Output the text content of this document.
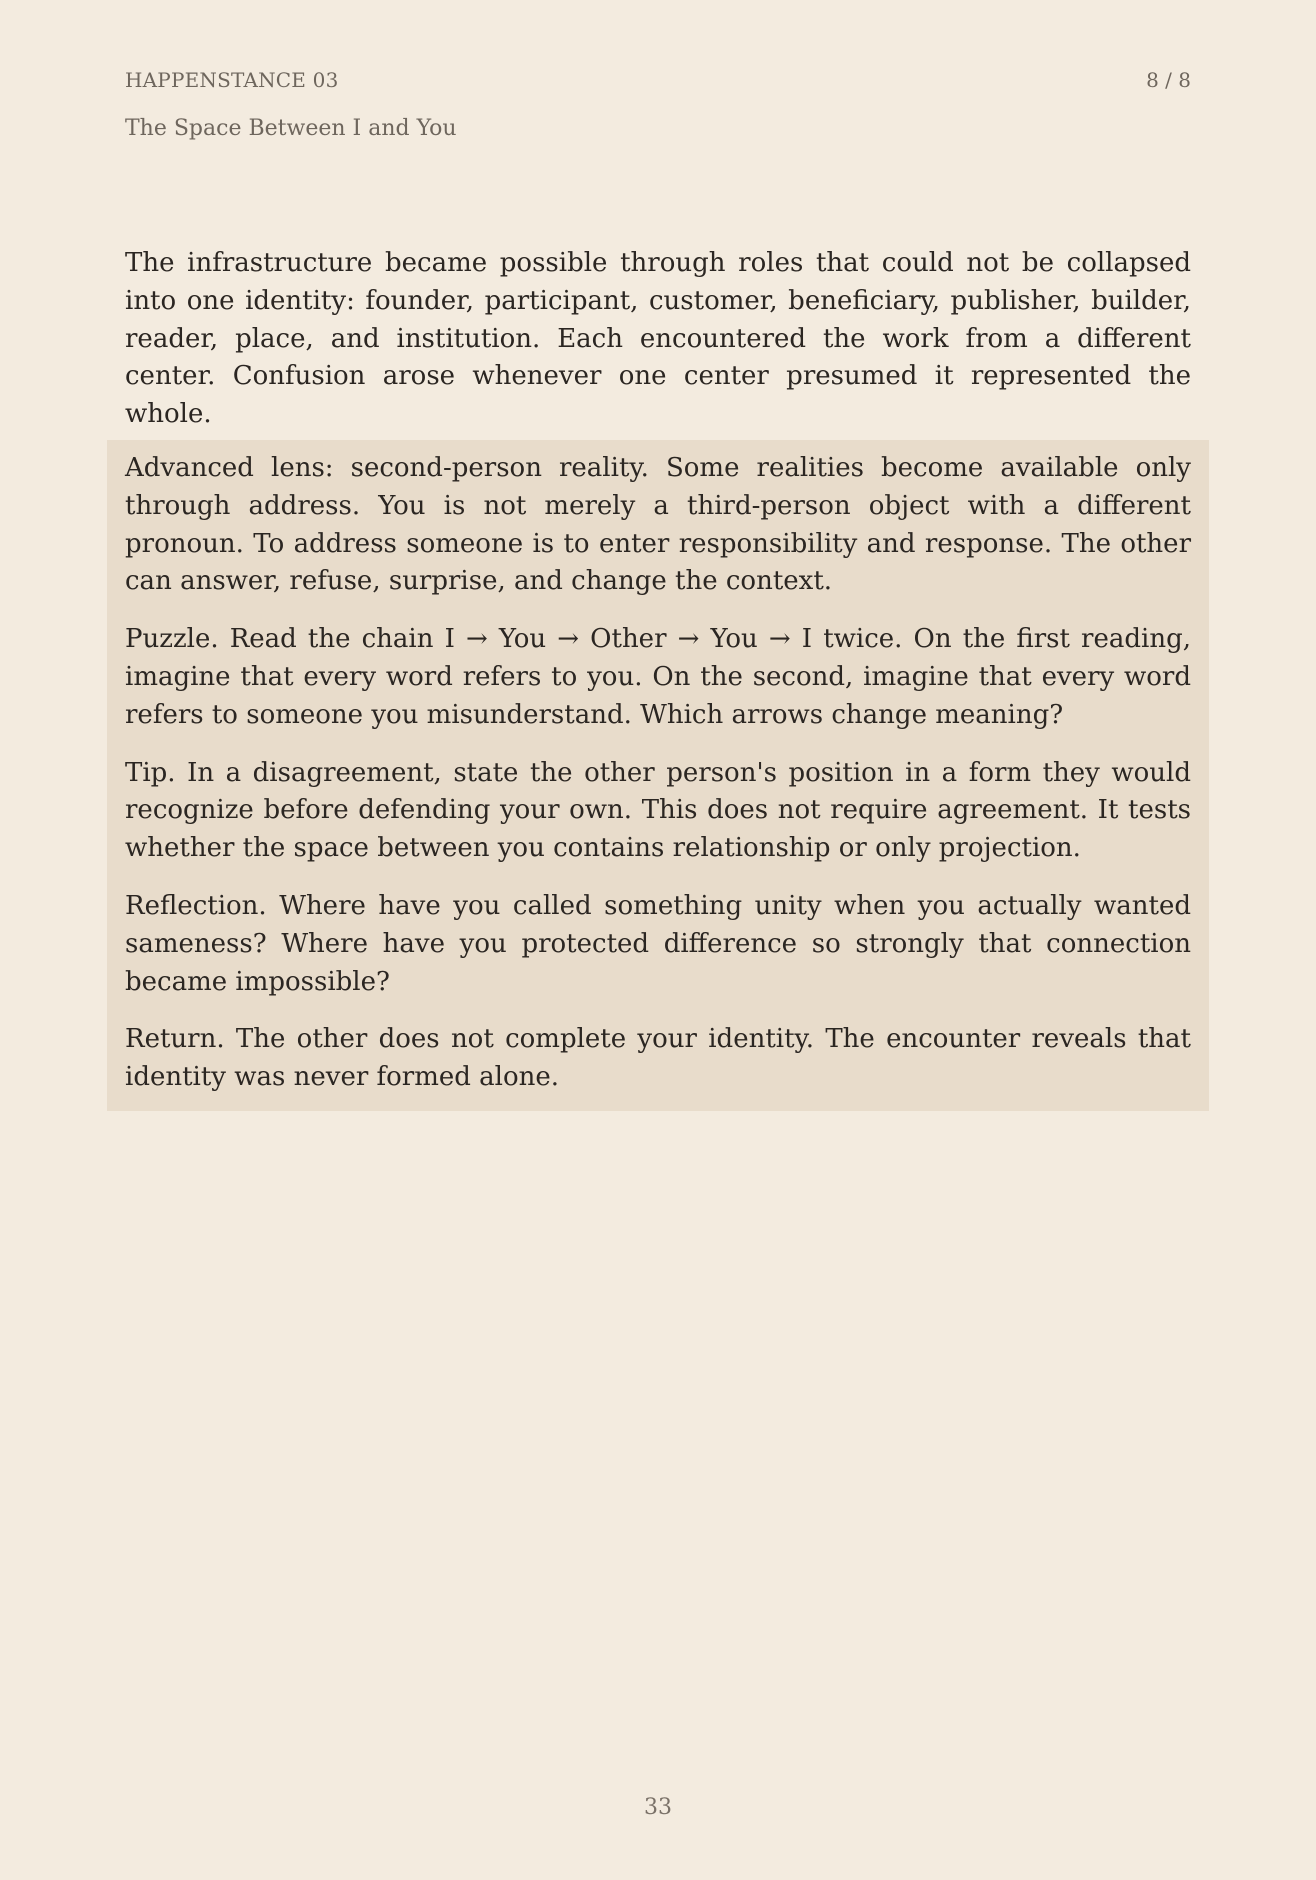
HAPPENSTANCE 03	8 / 8
The Space Between I and You

The infrastructure became possible through roles that could not be collapsed into one identity: founder, participant, customer, beneficiary, publisher, builder, reader, place, and institution. Each encountered the work from a different center. Confusion arose whenever one center presumed it represented the whole.

Advanced lens: second-person reality. Some realities become available only through address. You is not merely a third-person object with a different pronoun. To address someone is to enter responsibility and response. The other can answer, refuse, surprise, and change the context.

Puzzle. Read the chain I → You → Other → You → I twice. On the first reading, imagine that every word refers to you. On the second, imagine that every word refers to someone you misunderstand. Which arrows change meaning?

Tip. In a disagreement, state the other person's position in a form they would recognize before defending your own. This does not require agreement. It tests whether the space between you contains relationship or only projection.

Reflection. Where have you called something unity when you actually wanted sameness? Where have you protected difference so strongly that connection became impossible?

Return. The other does not complete your identity. The encounter reveals that identity was never formed alone.

33
